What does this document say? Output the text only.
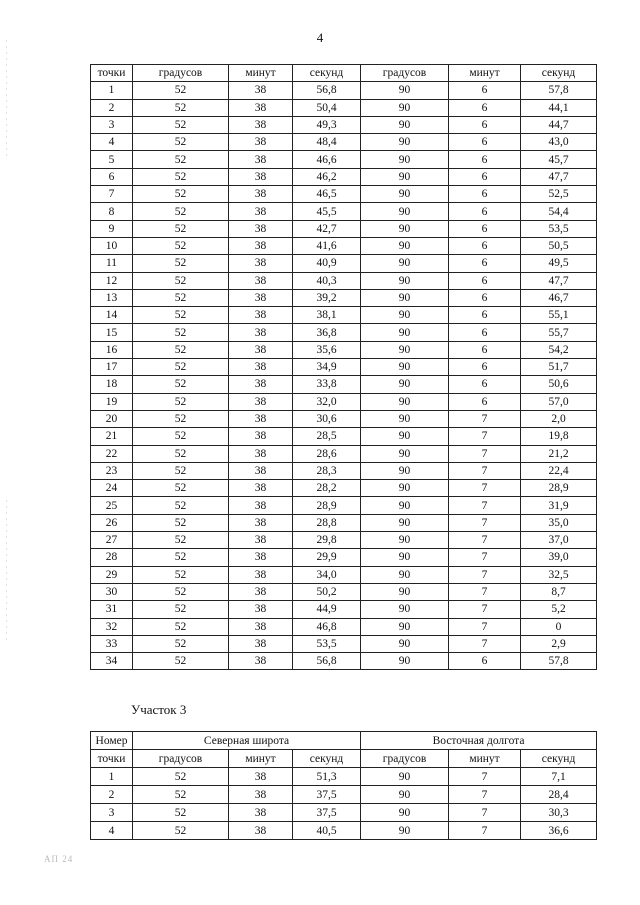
4
точки	градусов	минут	секунд	градусов	минут	секунд
1	52	38	56,8	90	6	57,8
2	52	38	50,4	90	6	44,1
3	52	38	49,3	90	6	44,7
4	52	38	48,4	90	6	43,0
5	52	38	46,6	90	6	45,7
6	52	38	46,2	90	6	47,7
7	52	38	46,5	90	6	52,5
8	52	38	45,5	90	6	54,4
9	52	38	42,7	90	6	53,5
10	52	38	41,6	90	6	50,5
11	52	38	40,9	90	6	49,5
12	52	38	40,3	90	6	47,7
13	52	38	39,2	90	6	46,7
14	52	38	38,1	90	6	55,1
15	52	38	36,8	90	6	55,7
16	52	38	35,6	90	6	54,2
17	52	38	34,9	90	6	51,7
18	52	38	33,8	90	6	50,6
19	52	38	32,0	90	6	57,0
20	52	38	30,6	90	7	2,0
21	52	38	28,5	90	7	19,8
22	52	38	28,6	90	7	21,2
23	52	38	28,3	90	7	22,4
24	52	38	28,2	90	7	28,9
25	52	38	28,9	90	7	31,9
26	52	38	28,8	90	7	35,0
27	52	38	29,8	90	7	37,0
28	52	38	29,9	90	7	39,0
29	52	38	34,0	90	7	32,5
30	52	38	50,2	90	7	8,7
31	52	38	44,9	90	7	5,2
32	52	38	46,8	90	7	0
33	52	38	53,5	90	7	2,9
34	52	38	56,8	90	6	57,8
Участок 3
Номер	Северная широта			Восточная долгота		
точки	градусов	минут	секунд	градусов	минут	секунд
1	52	38	51,3	90	7	7,1
2	52	38	37,5	90	7	28,4
3	52	38	37,5	90	7	30,3
4	52	38	40,5	90	7	36,6
АП 24
